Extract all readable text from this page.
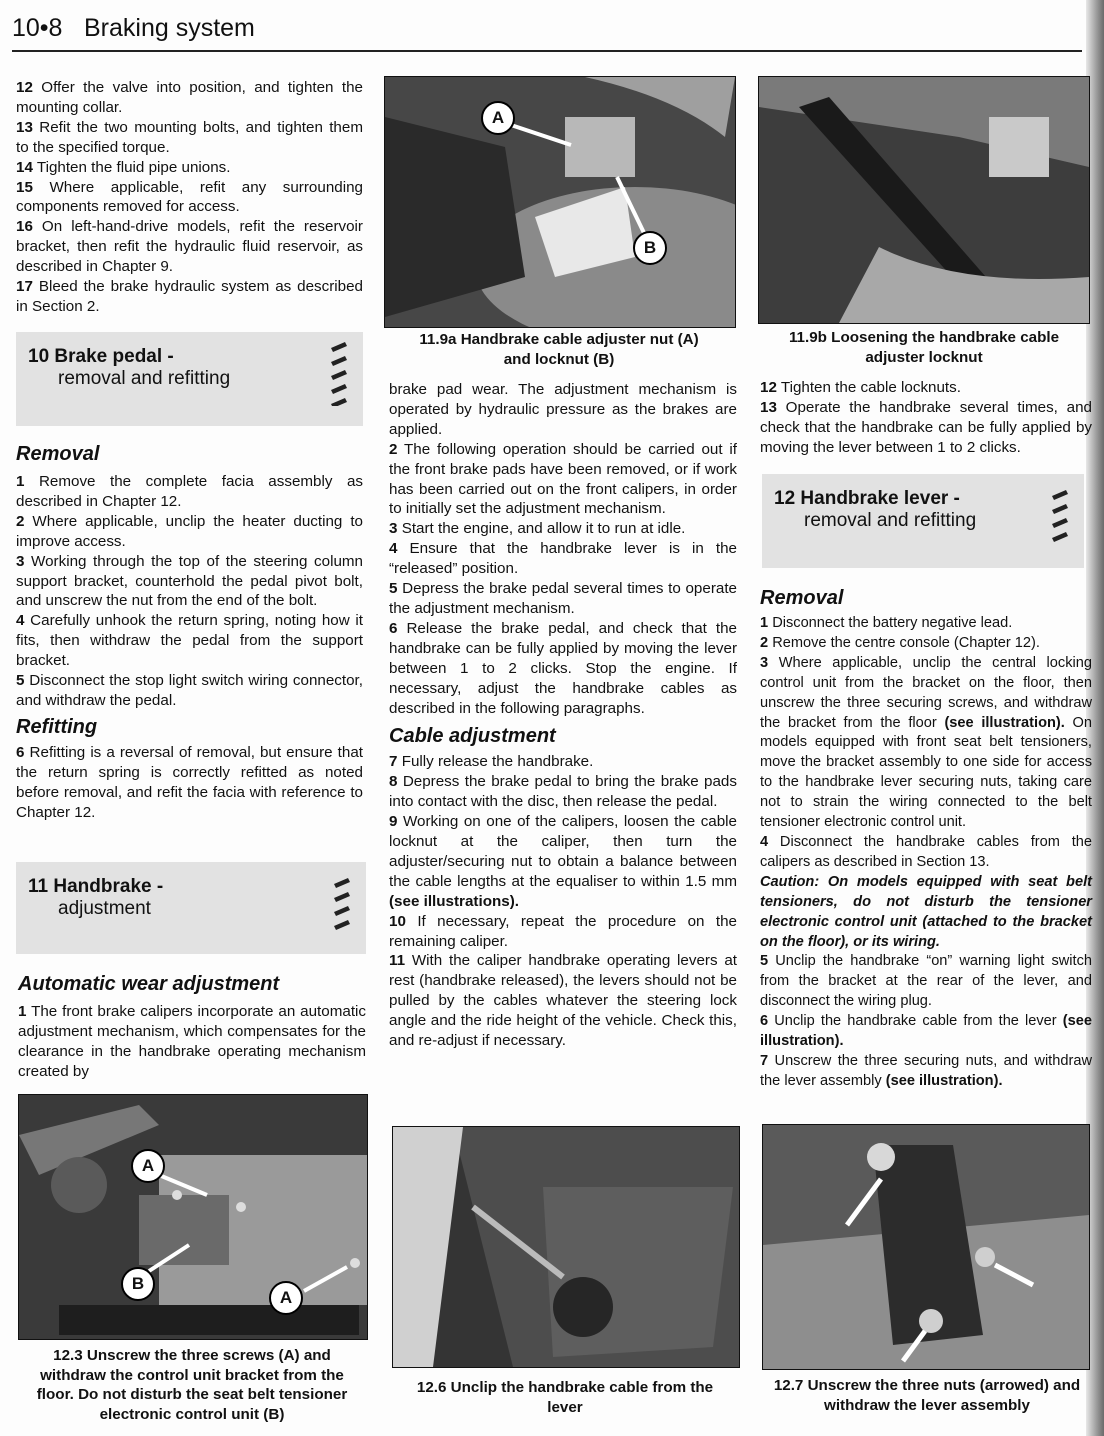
10•8 Braking system

12 Offer the valve into position, and tighten the mounting collar.

13 Refit the two mounting bolts, and tighten them to the specified torque.

14 Tighten the fluid pipe unions.

15 Where applicable, refit any surrounding components removed for access.

16 On left-hand-drive models, refit the reservoir bracket, then refit the hydraulic fluid reservoir, as described in Chapter 9.

17 Bleed the brake hydraulic system as described in Section 2.

10 Brake pedal -
removal and refitting

Removal

1 Remove the complete facia assembly as described in Chapter 12.

2 Where applicable, unclip the heater ducting to improve access.

3 Working through the top of the steering column support bracket, counterhold the pedal pivot bolt, and unscrew the nut from the end of the bolt.

4 Carefully unhook the return spring, noting how it fits, then withdraw the pedal from the support bracket.

5 Disconnect the stop light switch wiring connector, and withdraw the pedal.

Refitting

6 Refitting is a reversal of removal, but ensure that the return spring is correctly refitted as noted before removal, and refit the facia with reference to Chapter 12.

11 Handbrake -
adjustment

Automatic wear adjustment

1 The front brake calipers incorporate an automatic adjustment mechanism, which compensates for the clearance in the handbrake operating mechanism created by

A
B
A
12.3 Unscrew the three screws (A) and
withdraw the control unit bracket from the
floor. Do not disturb the seat belt tensioner
electronic control unit (B)
A
B
11.9a Handbrake cable adjuster nut (A)
and locknut (B)
11.9b Loosening the handbrake cable
adjuster locknut

brake pad wear. The adjustment mechanism is operated by hydraulic pressure as the brakes are applied.

2 The following operation should be carried out if the front brake pads have been removed, or if work has been carried out on the front calipers, in order to initially set the adjustment mechanism.

3 Start the engine, and allow it to run at idle.

4 Ensure that the handbrake lever is in the “released” position.

5 Depress the brake pedal several times to operate the adjustment mechanism.

6 Release the brake pedal, and check that the handbrake can be fully applied by moving the lever between 1 to 2 clicks. Stop the engine. If necessary, adjust the handbrake cables as described in the following paragraphs.

Cable adjustment

7 Fully release the handbrake.

8 Depress the brake pedal to bring the brake pads into contact with the disc, then release the pedal.

9 Working on one of the calipers, loosen the cable locknut at the caliper, then turn the adjuster/securing nut to obtain a balance between the cable lengths at the equaliser to within 1.5 mm (see illustrations).

10 If necessary, repeat the procedure on the remaining caliper.

11 With the caliper handbrake operating levers at rest (handbrake released), the levers should not be pulled by the cables whatever the steering lock angle and the ride height of the vehicle. Check this, and re-adjust if necessary.

12.6 Unclip the handbrake cable from the
lever

12 Tighten the cable locknuts.

13 Operate the handbrake several times, and check that the handbrake can be fully applied by moving the lever between 1 to 2 clicks.

12 Handbrake lever -
removal and refitting

Removal

1 Disconnect the battery negative lead.

2 Remove the centre console (Chapter 12).

3 Where applicable, unclip the central locking control unit from the bracket on the floor, then unscrew the three securing screws, and withdraw the bracket from the floor (see illustration). On models equipped with front seat belt tensioners, move the bracket assembly to one side for access to the handbrake lever securing nuts, taking care not to strain the wiring connected to the belt tensioner electronic control unit.

4 Disconnect the handbrake cables from the calipers as described in Section 13.

Caution: On models equipped with seat belt tensioners, do not disturb the tensioner electronic control unit (attached to the bracket on the floor), or its wiring.

5 Unclip the handbrake “on” warning light switch from the bracket at the rear of the lever, and disconnect the wiring plug.

6 Unclip the handbrake cable from the lever (see illustration).

7 Unscrew the three securing nuts, and withdraw the lever assembly (see illustration).

12.7 Unscrew the three nuts (arrowed) and
withdraw the lever assembly
